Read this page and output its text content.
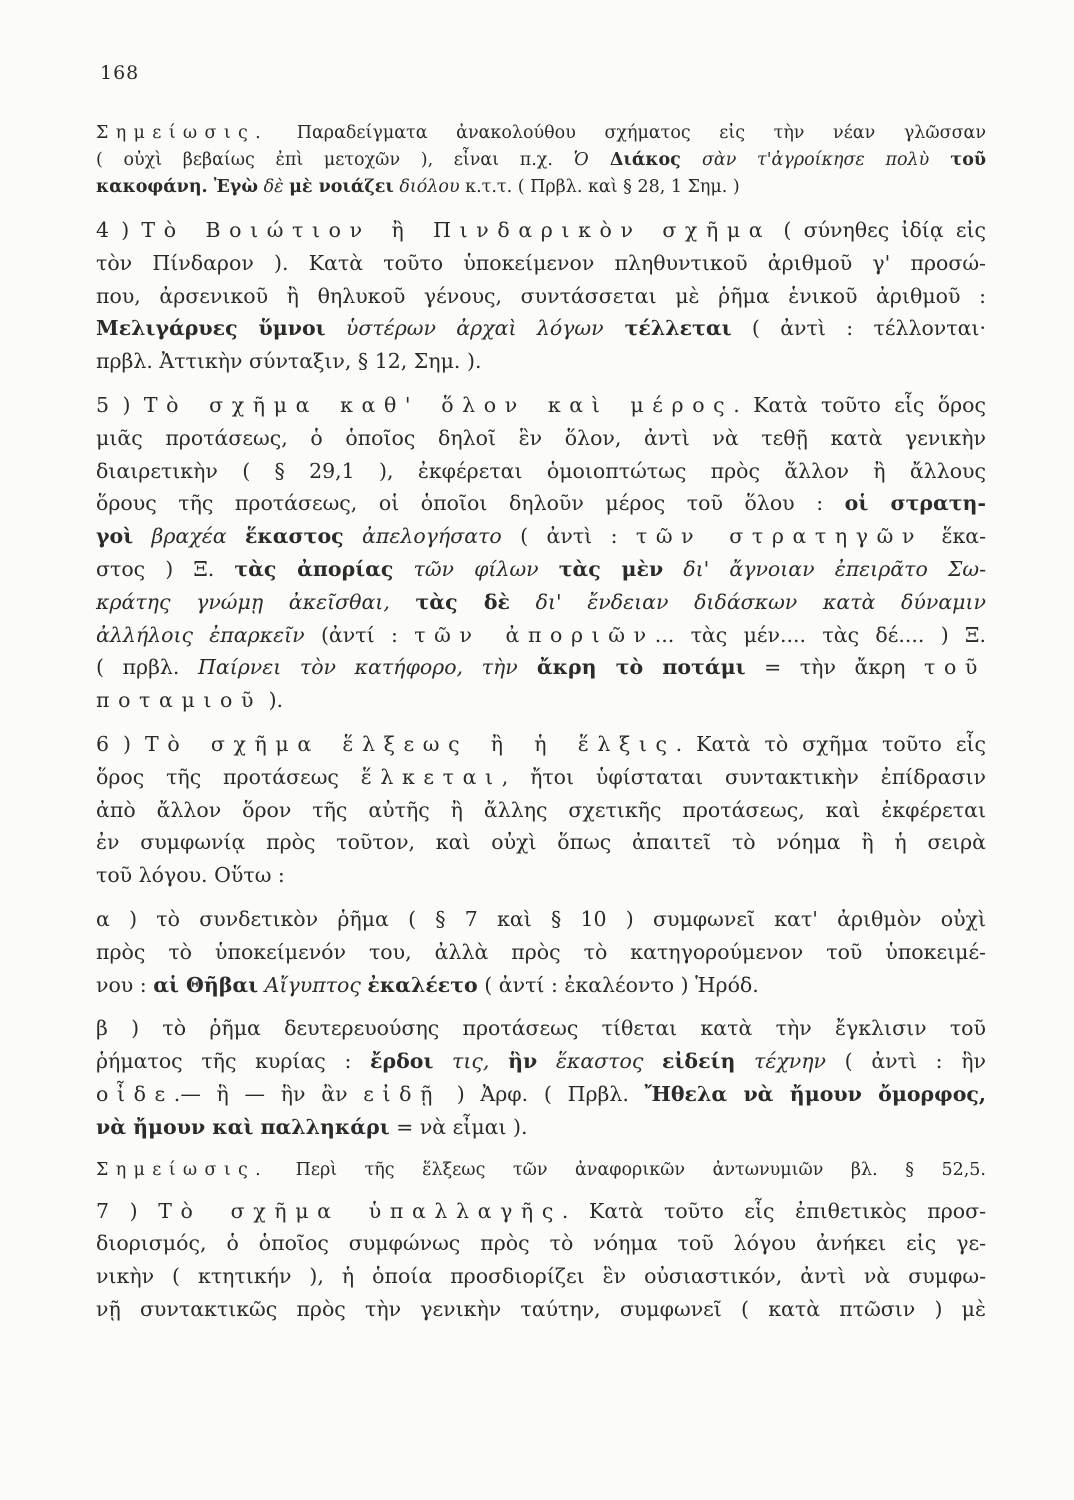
168
Σημείωσις. Παραδείγματα ἀνακολούθου σχήματος εἰς τὴν νέαν γλῶσσαν
( οὐχὶ βεβαίως ἐπὶ μετοχῶν ), εἶναι π.χ. Ὁ Διάκος σὰν τ'ἀγροίκησε πολὺ τοῦ
κακοφάνη. Ἐγὼ δὲ μὲ νοιάζει διόλου κ.τ.τ. ( Πρβλ. καὶ § 28, 1 Σημ. )
4 ) Τὸ Βοιώτιον ἢ Πινδαρικὸν σχῆμα ( σύνηθες ἰδίᾳ εἰς
τὸν Πίνδαρον ). Κατὰ τοῦτο ὑποκείμενον πληθυντικοῦ ἀριθμοῦ γ' προσώ-
που, ἀρσενικοῦ ἢ θηλυκοῦ γένους, συντάσσεται μὲ ῥῆμα ἑνικοῦ ἀριθμοῦ :
Μελιγάρυες ὕμνοι ὑστέρων ἀρχαὶ λόγων τέλλεται ( ἀντὶ : τέλλονται·
πρβλ. Ἀττικὴν σύνταξιν, § 12, Σημ. ).
5 ) Τὸ σχῆμα καθ' ὅλον καὶ μέρος. Κατὰ τοῦτο εἷς ὅρος
μιᾶς προτάσεως, ὁ ὁποῖος δηλοῖ ἓν ὅλον, ἀντὶ νὰ τεθῇ κατὰ γενικὴν
διαιρετικὴν ( § 29,1 ), ἐκφέρεται ὁμοιοπτώτως πρὸς ἄλλον ἢ ἄλλους
ὅρους τῆς προτάσεως, οἱ ὁποῖοι δηλοῦν μέρος τοῦ ὅλου : οἱ στρατη-
γοὶ βραχέα ἕκαστος ἀπελογήσατο ( ἀντὶ : τῶν στρατηγῶν ἕκα-
στος ) Ξ. τὰς ἀπορίας τῶν φίλων τὰς μὲν δι' ἄγνοιαν ἐπειρᾶτο Σω-
κράτης γνώμῃ ἀκεῖσθαι, τὰς δὲ δι' ἔνδειαν διδάσκων κατὰ δύναμιν
ἀλλήλοις ἐπαρκεῖν (ἀντί : τῶν ἀποριῶν... τὰς μέν.... τὰς δέ.... ) Ξ.
( πρβλ. Παίρνει τὸν κατήφορο, τὴν ἄκρη τὸ ποτάμι = τὴν ἄκρη τοῦ
ποταμιοῦ ).
6 ) Τὸ σχῆμα ἕλξεως ἢ ἡ ἕλξις. Κατὰ τὸ σχῆμα τοῦτο εἷς
ὅρος τῆς προτάσεως ἕλκεται, ἤτοι ὑφίσταται συντακτικὴν ἐπίδρασιν
ἀπὸ ἄλλον ὅρον τῆς αὐτῆς ἢ ἄλλης σχετικῆς προτάσεως, καὶ ἐκφέρεται
ἐν συμφωνίᾳ πρὸς τοῦτον, καὶ οὐχὶ ὅπως ἀπαιτεῖ τὸ νόημα ἢ ἡ σειρὰ
τοῦ λόγου. Οὕτω :
α ) τὸ συνδετικὸν ῥῆμα ( § 7 καὶ § 10 ) συμφωνεῖ κατ' ἀριθμὸν οὐχὶ
πρὸς τὸ ὑποκείμενόν του, ἀλλὰ πρὸς τὸ κατηγορούμενον τοῦ ὑποκειμέ-
νου : αἱ Θῆβαι Αἴγυπτος ἐκαλέετο ( ἀντί : ἐκαλέοντο ) Ἡρόδ.
β ) τὸ ῥῆμα δευτερευούσης προτάσεως τίθεται κατὰ τὴν ἔγκλισιν τοῦ
ῥήματος τῆς κυρίας : ἔρδοι τις, ἣν ἕκαστος εἰδείη τέχνην ( ἀντὶ : ἣν
οἶδε.— ἣ — ἣν ἂν εἰδῇ ) Ἀρφ. ( Πρβλ. Ἤθελα νὰ ἤμουν ὄμορφος,
νὰ ἤμουν καὶ παλληκάρι = νὰ εἶμαι ).
Σημείωσις. Περὶ τῆς ἕλξεως τῶν ἀναφορικῶν ἀντωνυμιῶν βλ. § 52,5.
7 ) Τὸ σχῆμα ὑπαλλαγῆς. Κατὰ τοῦτο εἷς ἐπιθετικὸς προσ-
διορισμός, ὁ ὁποῖος συμφώνως πρὸς τὸ νόημα τοῦ λόγου ἀνήκει εἰς γε-
νικὴν ( κτητικήν ), ἡ ὁποία προσδιορίζει ἓν οὐσιαστικόν, ἀντὶ νὰ συμφω-
νῇ συντακτικῶς πρὸς τὴν γενικὴν ταύτην, συμφωνεῖ ( κατὰ πτῶσιν ) μὲ
